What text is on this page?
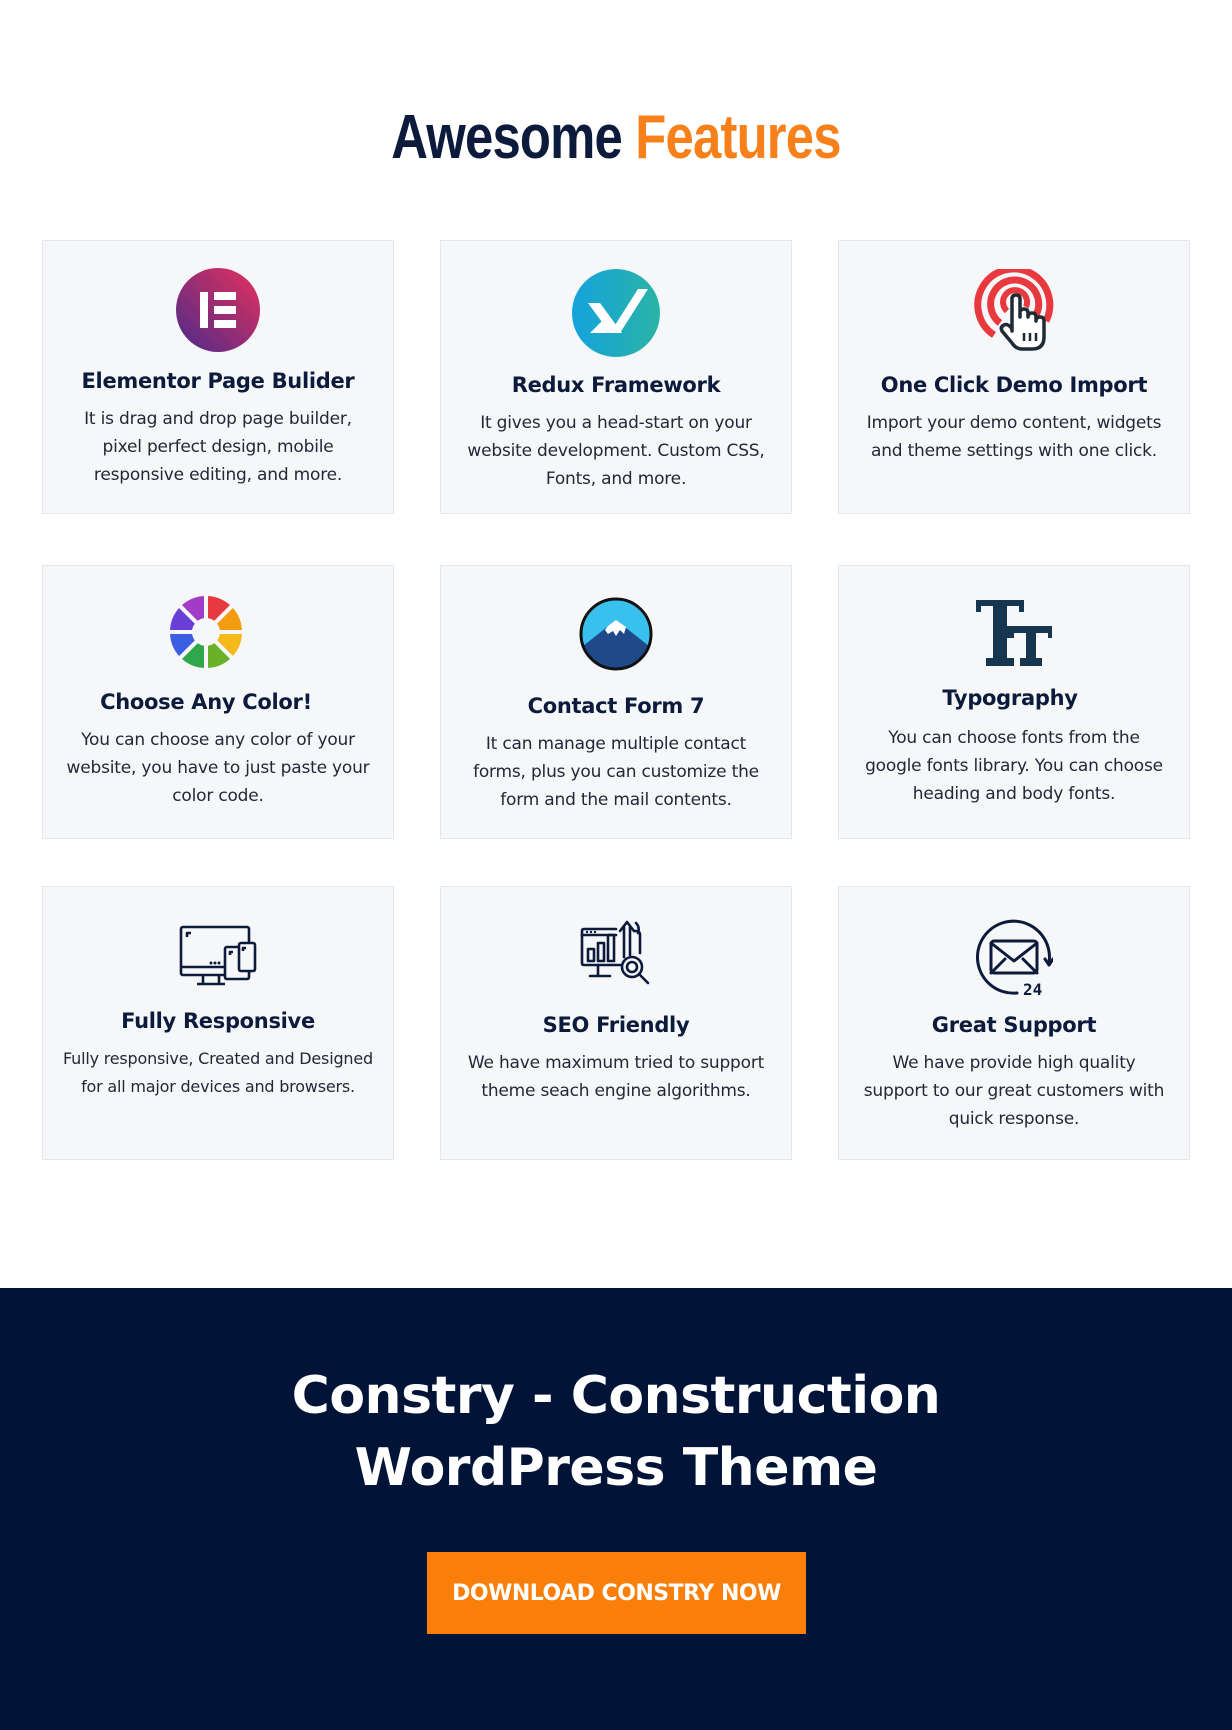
Awesome Features
Elementor Page Bulider
It is drag and drop page builder, pixel perfect design, mobile responsive editing, and more.
Redux Framework
It gives you a head-start on your website development. Custom CSS, Fonts, and more.
One Click Demo Import
Import your demo content, widgets and theme settings with one click.
Choose Any Color!
You can choose any color of your website, you have to just paste your color code.
Contact Form 7
It can manage multiple contact forms, plus you can customize the form and the mail contents.
Typography
You can choose fonts from the google fonts library. You can choose heading and body fonts.
Fully Responsive
Fully responsive, Created and Designed for all major devices and browsers.
SEO Friendly
We have maximum tried to support theme seach engine algorithms.
24
Great Support
We have provide high quality support to our great customers with quick response.
Constry - Construction
WordPress Theme
DOWNLOAD CONSTRY NOW
